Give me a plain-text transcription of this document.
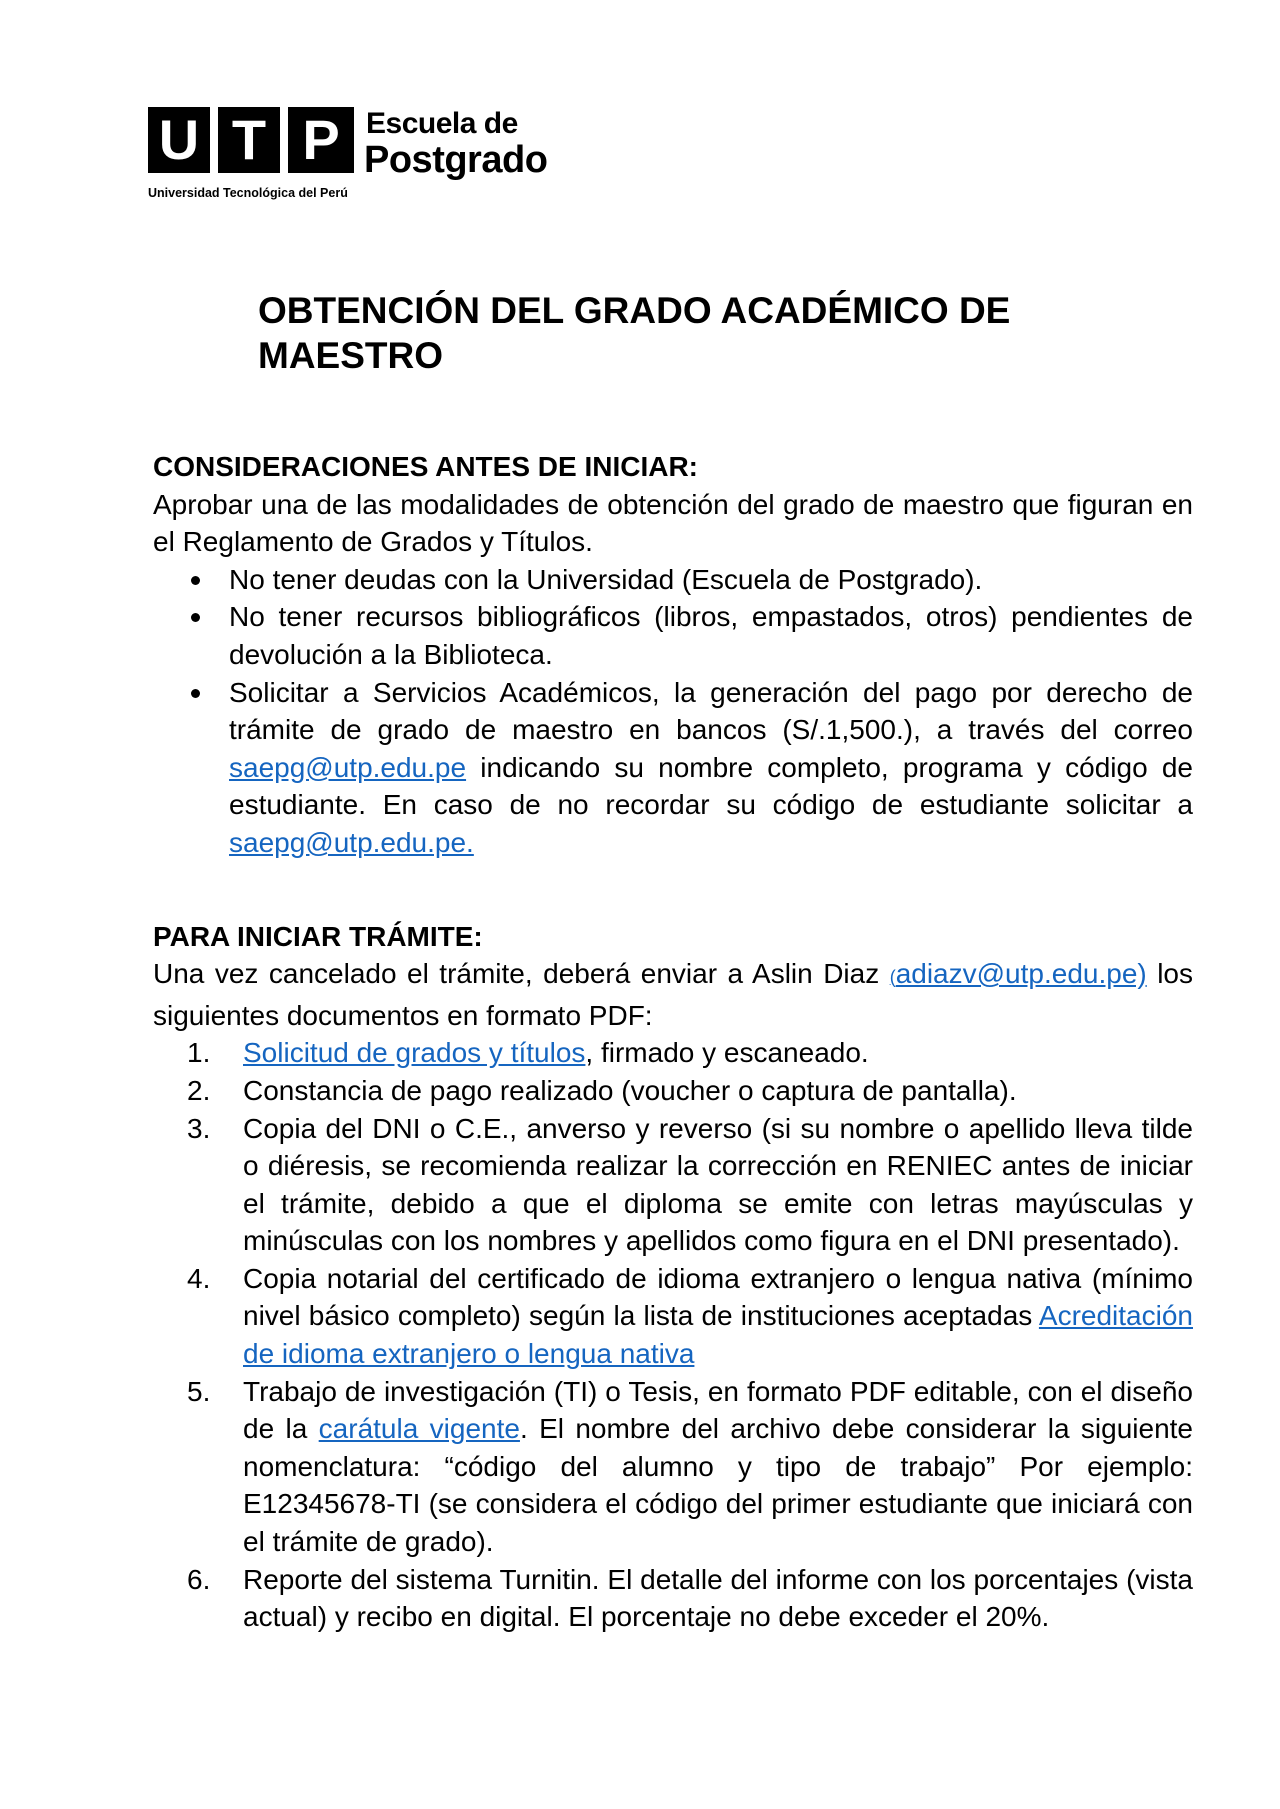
U T P Escuela de
Postgrado
Universidad Tecnológica del Perú
OBTENCIÓN DEL GRADO ACADÉMICO DE MAESTRO
CONSIDERACIONES ANTES DE INICIAR:

Aprobar una de las modalidades de obtención del grado de maestro que figuran en el Reglamento de Grados y Títulos.

No tener deudas con la Universidad (Escuela de Postgrado).
No tener recursos bibliográficos (libros, empastados, otros) pendientes de devolución a la Biblioteca.
Solicitar a Servicios Académicos, la generación del pago por derecho de trámite de grado de maestro en bancos (S/.1,500.), a través del correo saepg@utp.edu.pe indicando su nombre completo, programa y código de estudiante. En caso de no recordar su código de estudiante solicitar a saepg@utp.edu.pe.
PARA INICIAR TRÁMITE:

Una vez cancelado el trámite, deberá enviar a Aslin Diaz (adiazv@utp.edu.pe) los siguientes documentos en formato PDF:

1. Solicitud de grados y títulos, firmado y escaneado.
2. Constancia de pago realizado (voucher o captura de pantalla).
3. Copia del DNI o C.E., anverso y reverso (si su nombre o apellido lleva tilde o diéresis, se recomienda realizar la corrección en RENIEC antes de iniciar el trámite, debido a que el diploma se emite con letras mayúsculas y minúsculas con los nombres y apellidos como figura en el DNI presentado).
4. Copia notarial del certificado de idioma extranjero o lengua nativa (mínimo nivel básico completo) según la lista de instituciones aceptadas Acreditación de idioma extranjero o lengua nativa
5. Trabajo de investigación (TI) o Tesis, en formato PDF editable, con el diseño de la carátula vigente. El nombre del archivo debe considerar la siguiente nomenclatura: “código del alumno y tipo de trabajo” Por ejemplo: E12345678-TI (se considera el código del primer estudiante que iniciará con el trámite de grado).
6. Reporte del sistema Turnitin. El detalle del informe con los porcentajes (vista actual) y recibo en digital. El porcentaje no debe exceder el 20%.
